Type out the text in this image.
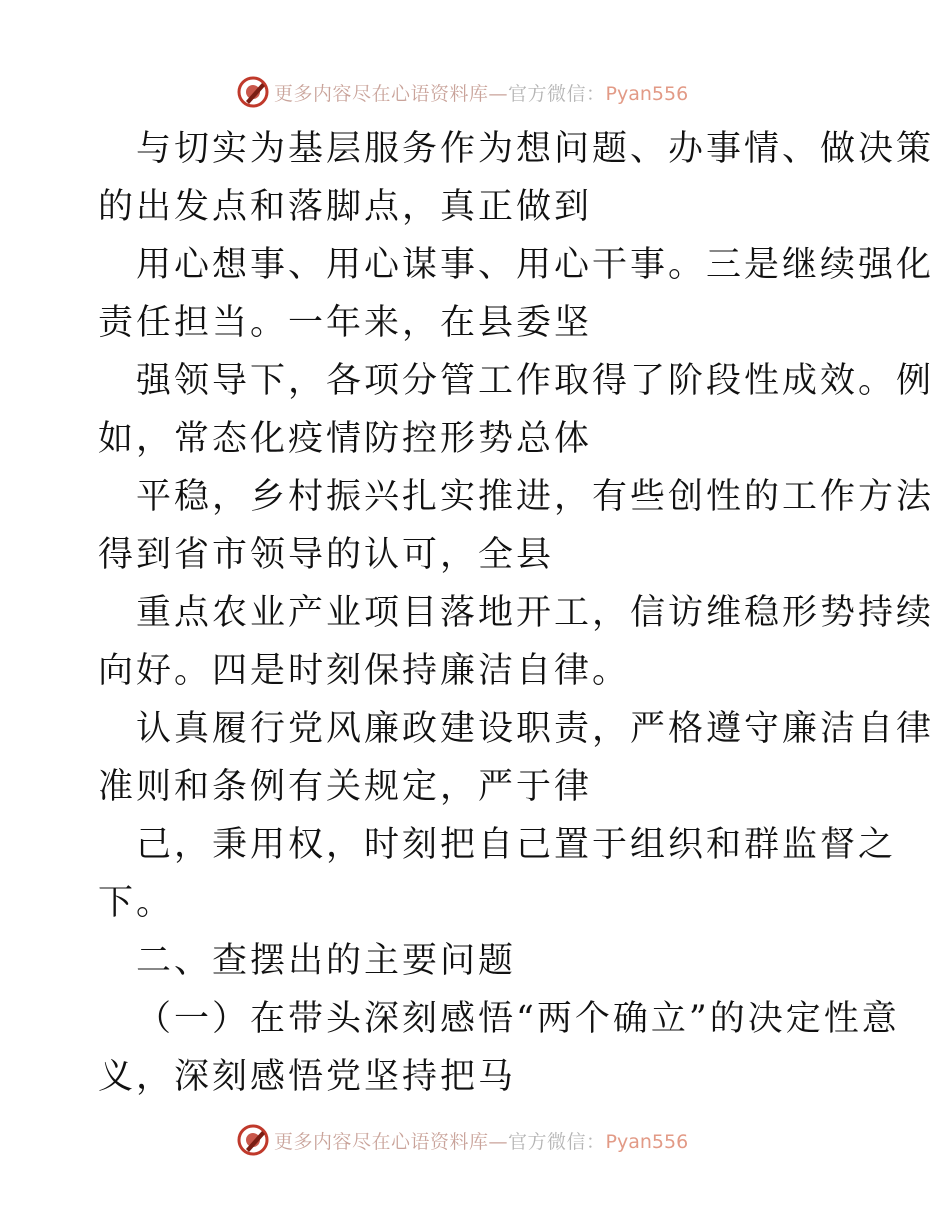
更多内容尽在心语资料库—官方微信：Pyan556
与切实为基层服务作为想问题、办事情、做决策
的出发点和落脚点，真正做到
用心想事、用心谋事、用心干事。三是继续强化
责任担当。一年来，在县委坚
强领导下，各项分管工作取得了阶段性成效。例
如，常态化疫情防控形势总体
平稳，乡村振兴扎实推进，有些创性的工作方法
得到省市领导的认可，全县
重点农业产业项目落地开工，信访维稳形势持续
向好。四是时刻保持廉洁自律。
认真履行党风廉政建设职责，严格遵守廉洁自律
准则和条例有关规定，严于律
己，秉用权，时刻把自己置于组织和群监督之
下。
二、查摆出的主要问题
（一）在带头深刻感悟“两个确立”的决定性意
义，深刻感悟党坚持把马
更多内容尽在心语资料库—官方微信：Pyan556
